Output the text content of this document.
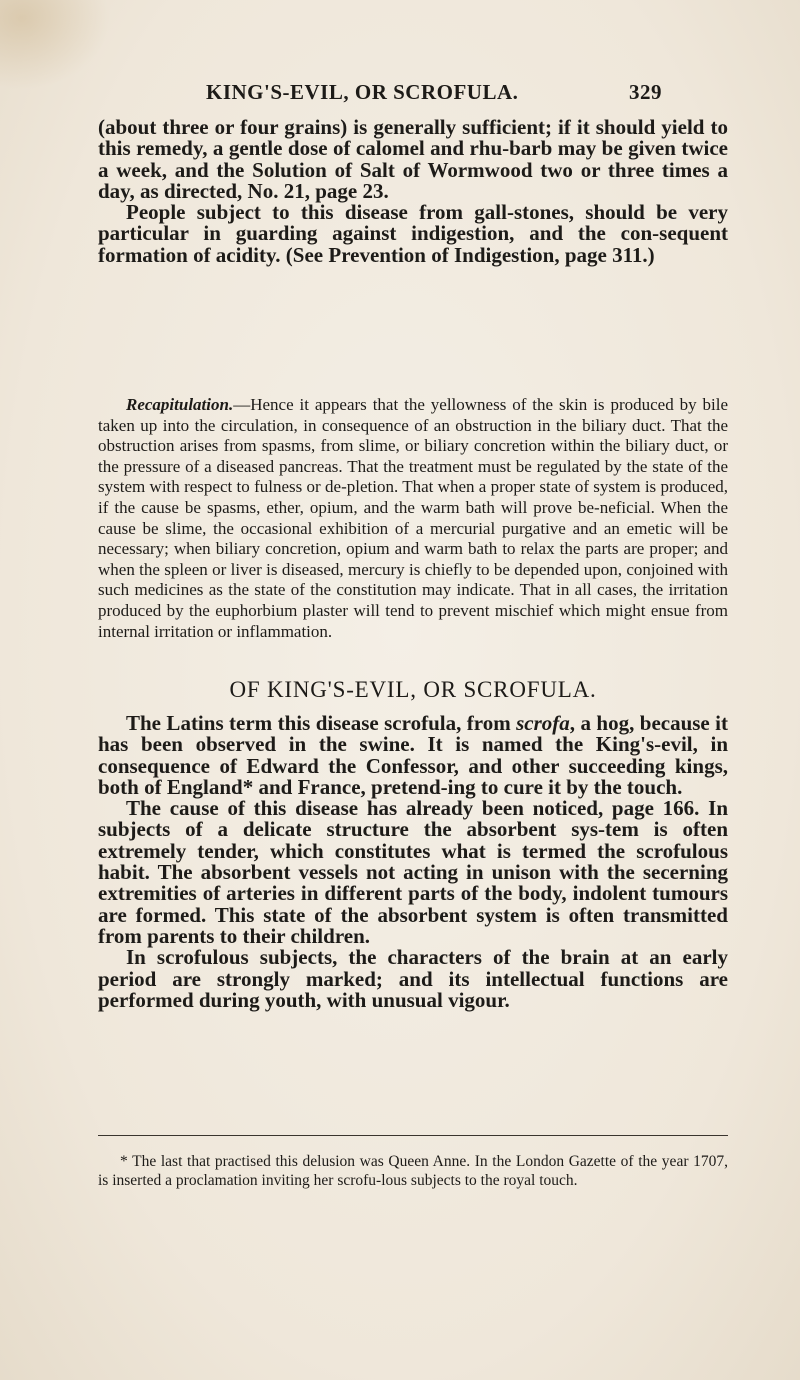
KING'S-EVIL, OR SCROFULA.	329

(about three or four grains) is generally sufficient; if it should yield to this remedy, a gentle dose of calomel and rhu-barb may be given twice a week, and the Solution of Salt of Wormwood two or three times a day, as directed, No. 21, page 23.

People subject to this disease from gall-stones, should be very particular in guarding against indigestion, and the con-sequent formation of acidity. (See Prevention of Indigestion, page 311.)

Recapitulation.—Hence it appears that the yellowness of the skin is produced by bile taken up into the circulation, in consequence of an obstruction in the biliary duct. That the obstruction arises from spasms, from slime, or biliary concretion within the biliary duct, or the pressure of a diseased pancreas. That the treatment must be regulated by the state of the system with respect to fulness or de-pletion. That when a proper state of system is produced, if the cause be spasms, ether, opium, and the warm bath will prove be-neficial. When the cause be slime, the occasional exhibition of a mercurial purgative and an emetic will be necessary; when biliary concretion, opium and warm bath to relax the parts are proper; and when the spleen or liver is diseased, mercury is chiefly to be depended upon, conjoined with such medicines as the state of the constitution may indicate. That in all cases, the irritation produced by the euphorbium plaster will tend to prevent mischief which might ensue from internal irritation or inflammation.

OF KING'S-EVIL, OR SCROFULA.

The Latins term this disease scrofula, from scrofa, a hog, because it has been observed in the swine. It is named the King's-evil, in consequence of Edward the Confessor, and other succeeding kings, both of England* and France, pretend-ing to cure it by the touch.

The cause of this disease has already been noticed, page 166. In subjects of a delicate structure the absorbent sys-tem is often extremely tender, which constitutes what is termed the scrofulous habit. The absorbent vessels not acting in unison with the secerning extremities of arteries in different parts of the body, indolent tumours are formed. This state of the absorbent system is often transmitted from parents to their children.

In scrofulous subjects, the characters of the brain at an early period are strongly marked; and its intellectual functions are performed during youth, with unusual vigour.

* The last that practised this delusion was Queen Anne. In the London Gazette of the year 1707, is inserted a proclamation inviting her scrofu-lous subjects to the royal touch.
